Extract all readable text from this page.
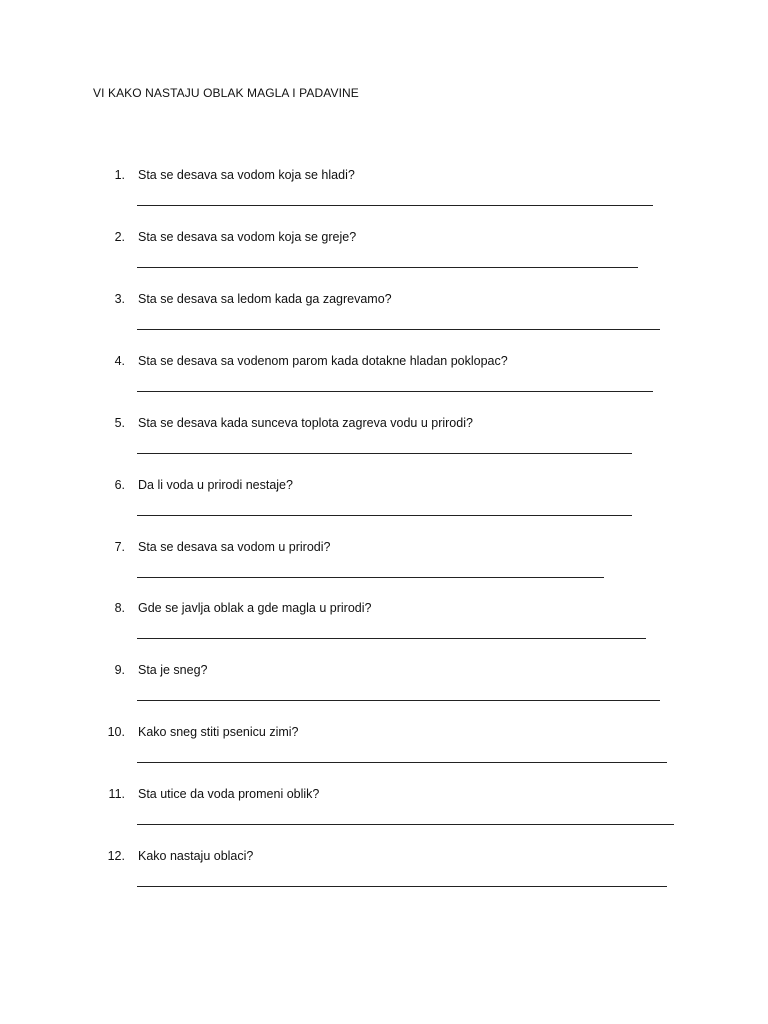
VI KAKO NASTAJU OBLAK MAGLA I PADAVINE
1. Sta se desava sa vodom koja se hladi?
2. Sta se desava sa vodom koja se greje?
3. Sta se desava sa ledom kada ga zagrevamo?
4. Sta se desava sa vodenom parom kada dotakne hladan poklopac?
5. Sta se desava kada sunceva toplota zagreva vodu u prirodi?
6. Da li voda u prirodi nestaje?
7. Sta se desava sa vodom u prirodi?
8. Gde se javlja oblak a gde magla u prirodi?
9. Sta je sneg?
10. Kako sneg stiti psenicu zimi?
11. Sta utice da voda promeni oblik?
12. Kako nastaju oblaci?
